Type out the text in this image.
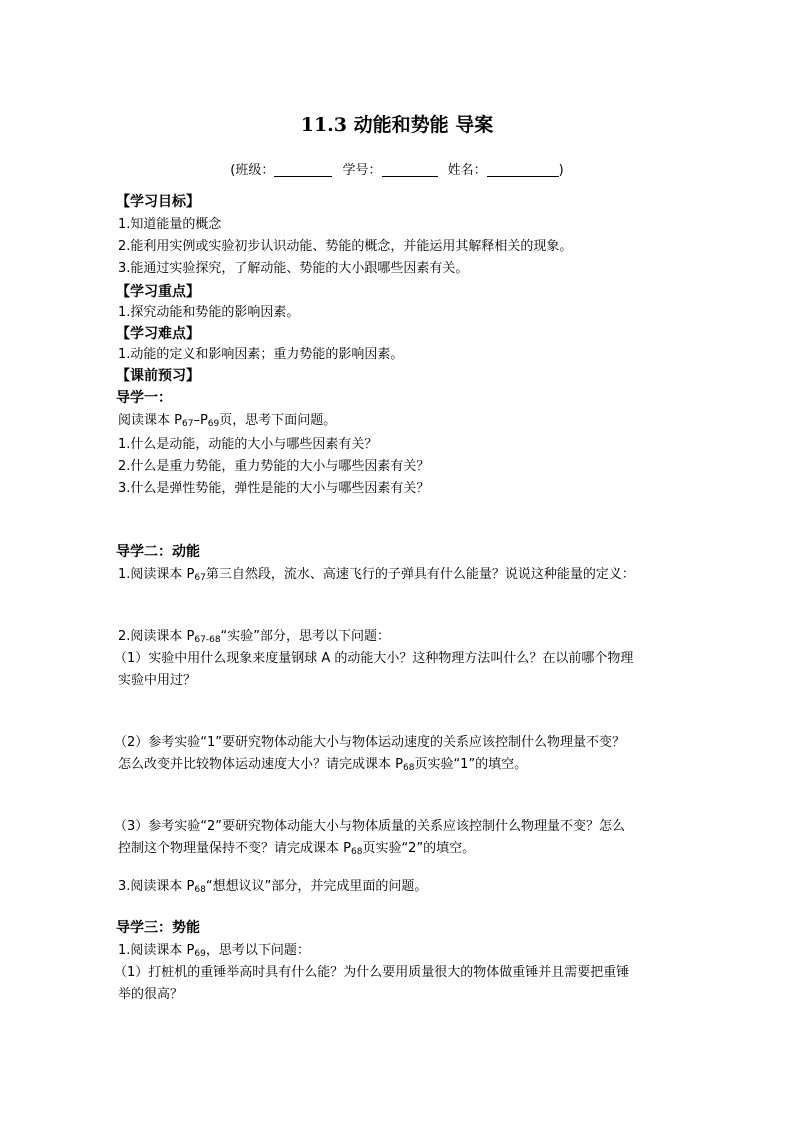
11.3 动能和势能 导案
(班级：	学号：	姓名：	)
【学习目标】
1.知道能量的概念
2.能利用实例或实验初步认识动能、势能的概念，并能运用其解释相关的现象。
3.能通过实验探究，了解动能、势能的大小跟哪些因素有关。
【学习重点】
1.探究动能和势能的影响因素。
【学习难点】
1.动能的定义和影响因素；重力势能的影响因素。
【课前预习】
导学一：
阅读课本 $P_{67}-P_{69}$页，思考下面问题。
1.什么是动能，动能的大小与哪些因素有关？
2.什么是重力势能，重力势能的大小与哪些因素有关？
3.什么是弹性势能，弹性是能的大小与哪些因素有关？
导学二：动能
1.阅读课本 $P_{67}$第三自然段，流水、高速飞行的子弹具有什么能量？说说这种能量的定义：
2.阅读课本 $P_{67-68}“$实验”部分，思考以下问题：
（1）实验中用什么现象来度量钢球 A 的动能大小？这种物理方法叫什么？在以前哪个物理
实验中用过？
（2）参考实验“1”要研究物体动能大小与物体运动速度的关系应该控制什么物理量不变？
怎么改变并比较物体运动速度大小？请完成课本 $P_{68}$页实验“1”的填空。
（3）参考实验“2”要研究物体动能大小与物体质量的关系应该控制什么物理量不变？怎么
控制这个物理量保持不变？请完成课本 $P_{68}$页实验“2”的填空。
3.阅读课本 $P_{68}“$想想议议”部分，并完成里面的问题。
导学三：势能
1.阅读课本 $P_{69}$，思考以下问题：
（1）打桩机的重锤举高时具有什么能？为什么要用质量很大的物体做重锤并且需要把重锤
举的很高？
